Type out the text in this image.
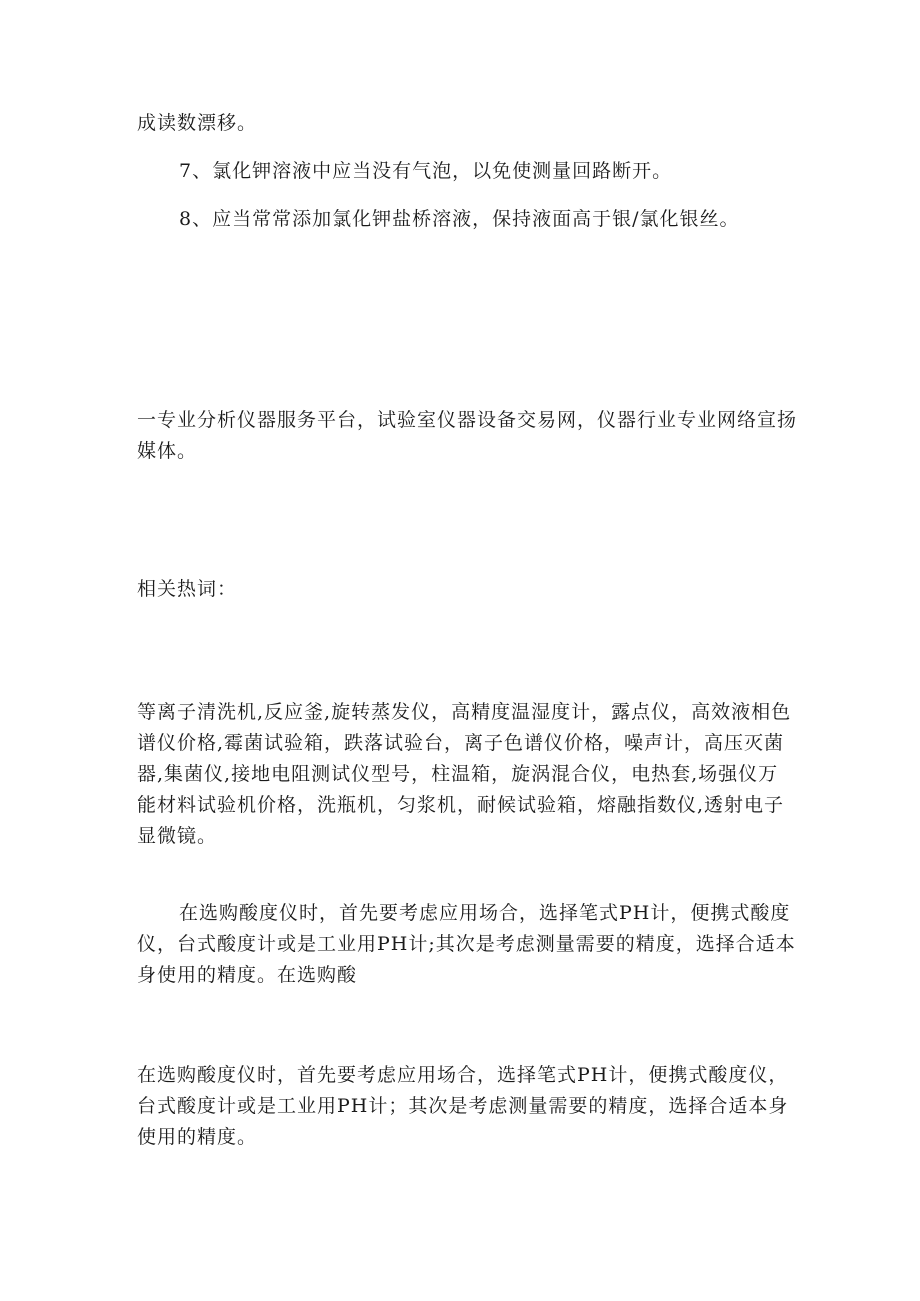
成读数漂移。

7、氯化钾溶液中应当没有气泡，以免使测量回路断开。

8、应当常常添加氯化钾盐桥溶液，保持液面高于银/氯化银丝。

一专业分析仪器服务平台，试验室仪器设备交易网，仪器行业专业网络宣扬媒体。

相关热词：

等离子清洗机,反应釜,旋转蒸发仪，高精度温湿度计，露点仪，高效液相色谱仪价格,霉菌试验箱，跌落试验台，离子色谱仪价格，噪声计，高压灭菌器,集菌仪,接地电阻测试仪型号，柱温箱，旋涡混合仪，电热套,场强仪万能材料试验机价格，洗瓶机，匀浆机，耐候试验箱，熔融指数仪,透射电子显微镜。

在选购酸度仪时，首先要考虑应用场合，选择笔式PH计，便携式酸度仪，台式酸度计或是工业用PH计;其次是考虑测量需要的精度，选择合适本身使用的精度。在选购酸

在选购酸度仪时，首先要考虑应用场合，选择笔式PH计，便携式酸度仪，台式酸度计或是工业用PH计；其次是考虑测量需要的精度，选择合适本身使用的精度。
